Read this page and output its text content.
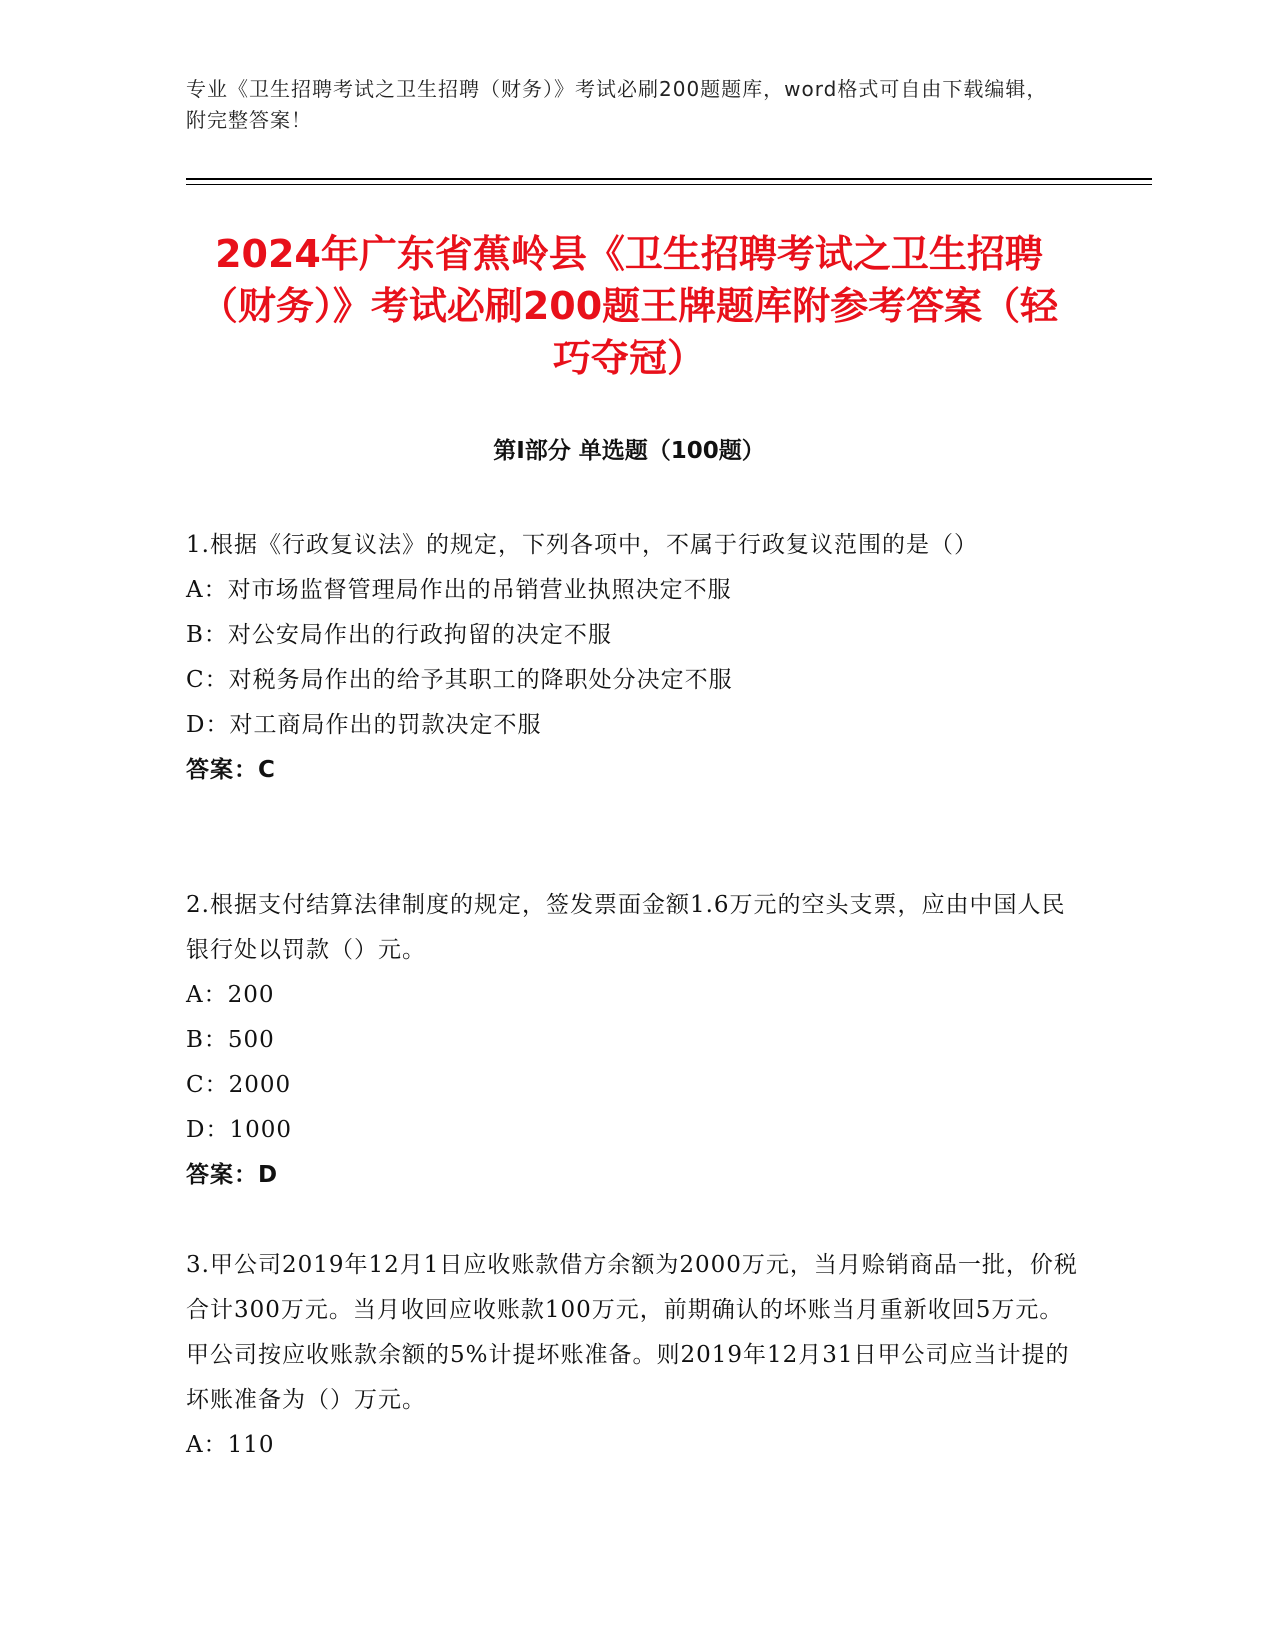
专业《卫生招聘考试之卫生招聘（财务）》考试必刷200题题库，word格式可自由下载编辑，附完整答案！
2024年广东省蕉岭县《卫生招聘考试之卫生招聘（财务）》考试必刷200题王牌题库附参考答案（轻巧夺冠）
第I部分 单选题（100题）
1.根据《行政复议法》的规定，下列各项中，不属于行政复议范围的是（）
A：对市场监督管理局作出的吊销营业执照决定不服
B：对公安局作出的行政拘留的决定不服
C：对税务局作出的给予其职工的降职处分决定不服
D：对工商局作出的罚款决定不服
答案：C
2.根据支付结算法律制度的规定，签发票面金额1.6万元的空头支票，应由中国人民银行处以罚款（）元。
A：200
B：500
C：2000
D：1000
答案：D
3.甲公司2019年12月1日应收账款借方余额为2000万元，当月赊销商品一批，价税合计300万元。当月收回应收账款100万元，前期确认的坏账当月重新收回5万元。甲公司按应收账款余额的5%计提坏账准备。则2019年12月31日甲公司应当计提的坏账准备为（）万元。
A：110
